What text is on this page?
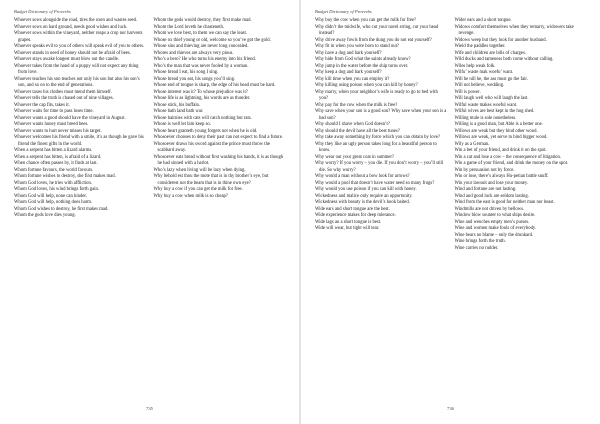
Budget Dictionary of Proverbs

Whoever sows alongside the road, tires the oxen and wastes seed.

Whoever sows on hard ground, needs good wishes and luck.

Whoever sows within the vineyard, neither reaps a crop nor harvests grapes.

Whoever speaks evil to you of others will speak evil of you to others.

Whoever stands in need of honey should not be afraid of bees.

Whoever stays awake longest must blow out the candle.

Whoever takes from the hand of a puppy will not expect any thing from love.

Whoever teaches his son teaches not only his son but also his son’s son, and so on to the end of generations.

Whoever taxes his clothes must mend them himself.

Whoever tells the truth is chased out of nine villages.

Whoever the cap fits, takes it.

Whoever waits for time to pass loses time.

Whoever wants a good should have the vineyard in August.

Whoever wants honey must breed bees.

Whoever wants to hurt never misses his target.

Whoever welcomes his friend with a smile, it’s as though he gave his friend the finest gifts in the world.

When a serpent has bitten a lizard alarms.

When a serpent has bitten, is afraid of a lizard.

When chance often passes by, it finds at last.

Whom fortune favours, the world favours.

Whom fortune wishes to destroy, she first makes mad.

Whom God loves, he tries with affliction.

Whom God loves, his wind brings forth gain.

Whom God will help, none can hinder.

Whom God will help, nothing does harm.

Whom God wishes to destroy, he first makes mad.

Whom the gods love dies young.

Whom the gods would destroy, they first make mad.

Whom the Lord loveth he chasteneth.

Whom we love best, to them we can say the least.

Whose ox thief young or old, welcome so you’ve got the gold.

Whose sins and thieving are never long concealed.

Whores and thieves are always very pious.

Who’s a hero? He who turns his enemy into his friend.

Who’s the man that was never fooled by a woman.

Whose bread I eat, his song I sing.

Whose bread you eat, his songs you’ll sing.

Whose end of tongue is sharp, the edge of his head must be hard.

Whose interest was it? To whose prejudice was it?

Whose life is as lightning, his words are as thunder.

Whose stick, his buffalo.

Whose bath land bath war.

Whose bairnies with cats will catch nothing but rats.

Whose is well let him keep so.

Whose heart granteth young forgets not when he is old.

Whosoever chooses to deny their past can not expect to find a future.

Whosoever draws his sword against the prince must throw the scabbard away.

Whosoever eats bread without first washing his hands, it is as though he had sinned with a harlot.

Who’s lazy when living will be lazy when dying.

Why behold est thou the mote that is in thy brother’s eye, but considerest not the beam that is in thine own eye?

Why buy a cow if you can get the milk for free.

Why buy a cow when milk is so cheap?

735
Budget Dictionary of Proverbs

Why buy the cow when you can get the milk for free?

Why didn’t the midwife, who cut your navel string, cut your head instead?

Why drive away fowls from the dung you do not eat yourself?

Why fit in when you were born to stand out?

Why have a dog and bark yourself?

Why hide from God what the saints already know?

Why jump in the water before the ship turns over.

Why keep a dog and bark yourself?

Why kill time when you can employ it?

Why killing using poison when you can kill by honey?

Why marry, when your neighbor’s wife is ready to go to bed with you?

Why pay for the cow when the milk is free?

Why save when your son is a good son? Why save when your son is a bad son?

Why should I shave when God doesn’t?

Why should the devil have all the best tunes?

Why take away something by force which you can obtain by love?

Why they like an ugly person takes long for a beautiful person to know.

Why wear out your great coat in summer?

Why worry? If you worry – you die. If you don’t worry – you’ll still die. So why worry?

Why would a man without a bow look for arrows?

Why would a pool that doesn’t have water need so many frogs?

Why would you use poison if you can kill with honey.

Wickedness and malice only require an opportunity.

Wickedness with beauty is the devil’s hook baited.

Wide ears and short tongue are the best.

Wide experience makes for deep tolerance.

Wide lags an a short tongue is best.

Wide will wear, but tight will tear.

Wider ears and a short tongue.

Widows comfort themselves when they remarry, widowers take revenge.

Widows weep but they look for another husband.

Wield the paddles together.

Wife and children are bills of charges.

Wild ducks and tameness both come without calling.

Wiles help weak folk.

Wilfu’ waste mak woefu’ want.

Will he nill he, the ass must go the fair.

Will not believe, wedding.

Will is power.

Will laugh well who will laugh the last.

Wilful waste makes woeful want.

Wilful wives are best kept in the hog shed.

Willing mule is sole nonetheless.

Willing is a good man, but Able is a better one.

Willows are weak but they bind other wood.

Willows are weak, yet serve to bind bigger wood.

Wily as a German.

Win a bet of your friend, and drink it on the spot.

Win a cat and lose a cow – the consequence of litigation.

Win a game of your friend, and drink the money on the spot.

Win by persuasion not by force.

Win or lose, there’s always Hu-petian battle snuff.

Win your lawsuit and lose your money.

Wind and fortune are not lasting.

Wind and good luck are seldom lasting.

Wind from the east is good for neither man nor beast.

Windmills are not driven by bellows.

Window blow sounter to what ships desire.

Wine and wenches empty men’s purses.

Wine and women make fools of everybody.

Wine bears no blame – only the drunkard.

Wine brings forth the truth.

Wine carries no rudder.

736
